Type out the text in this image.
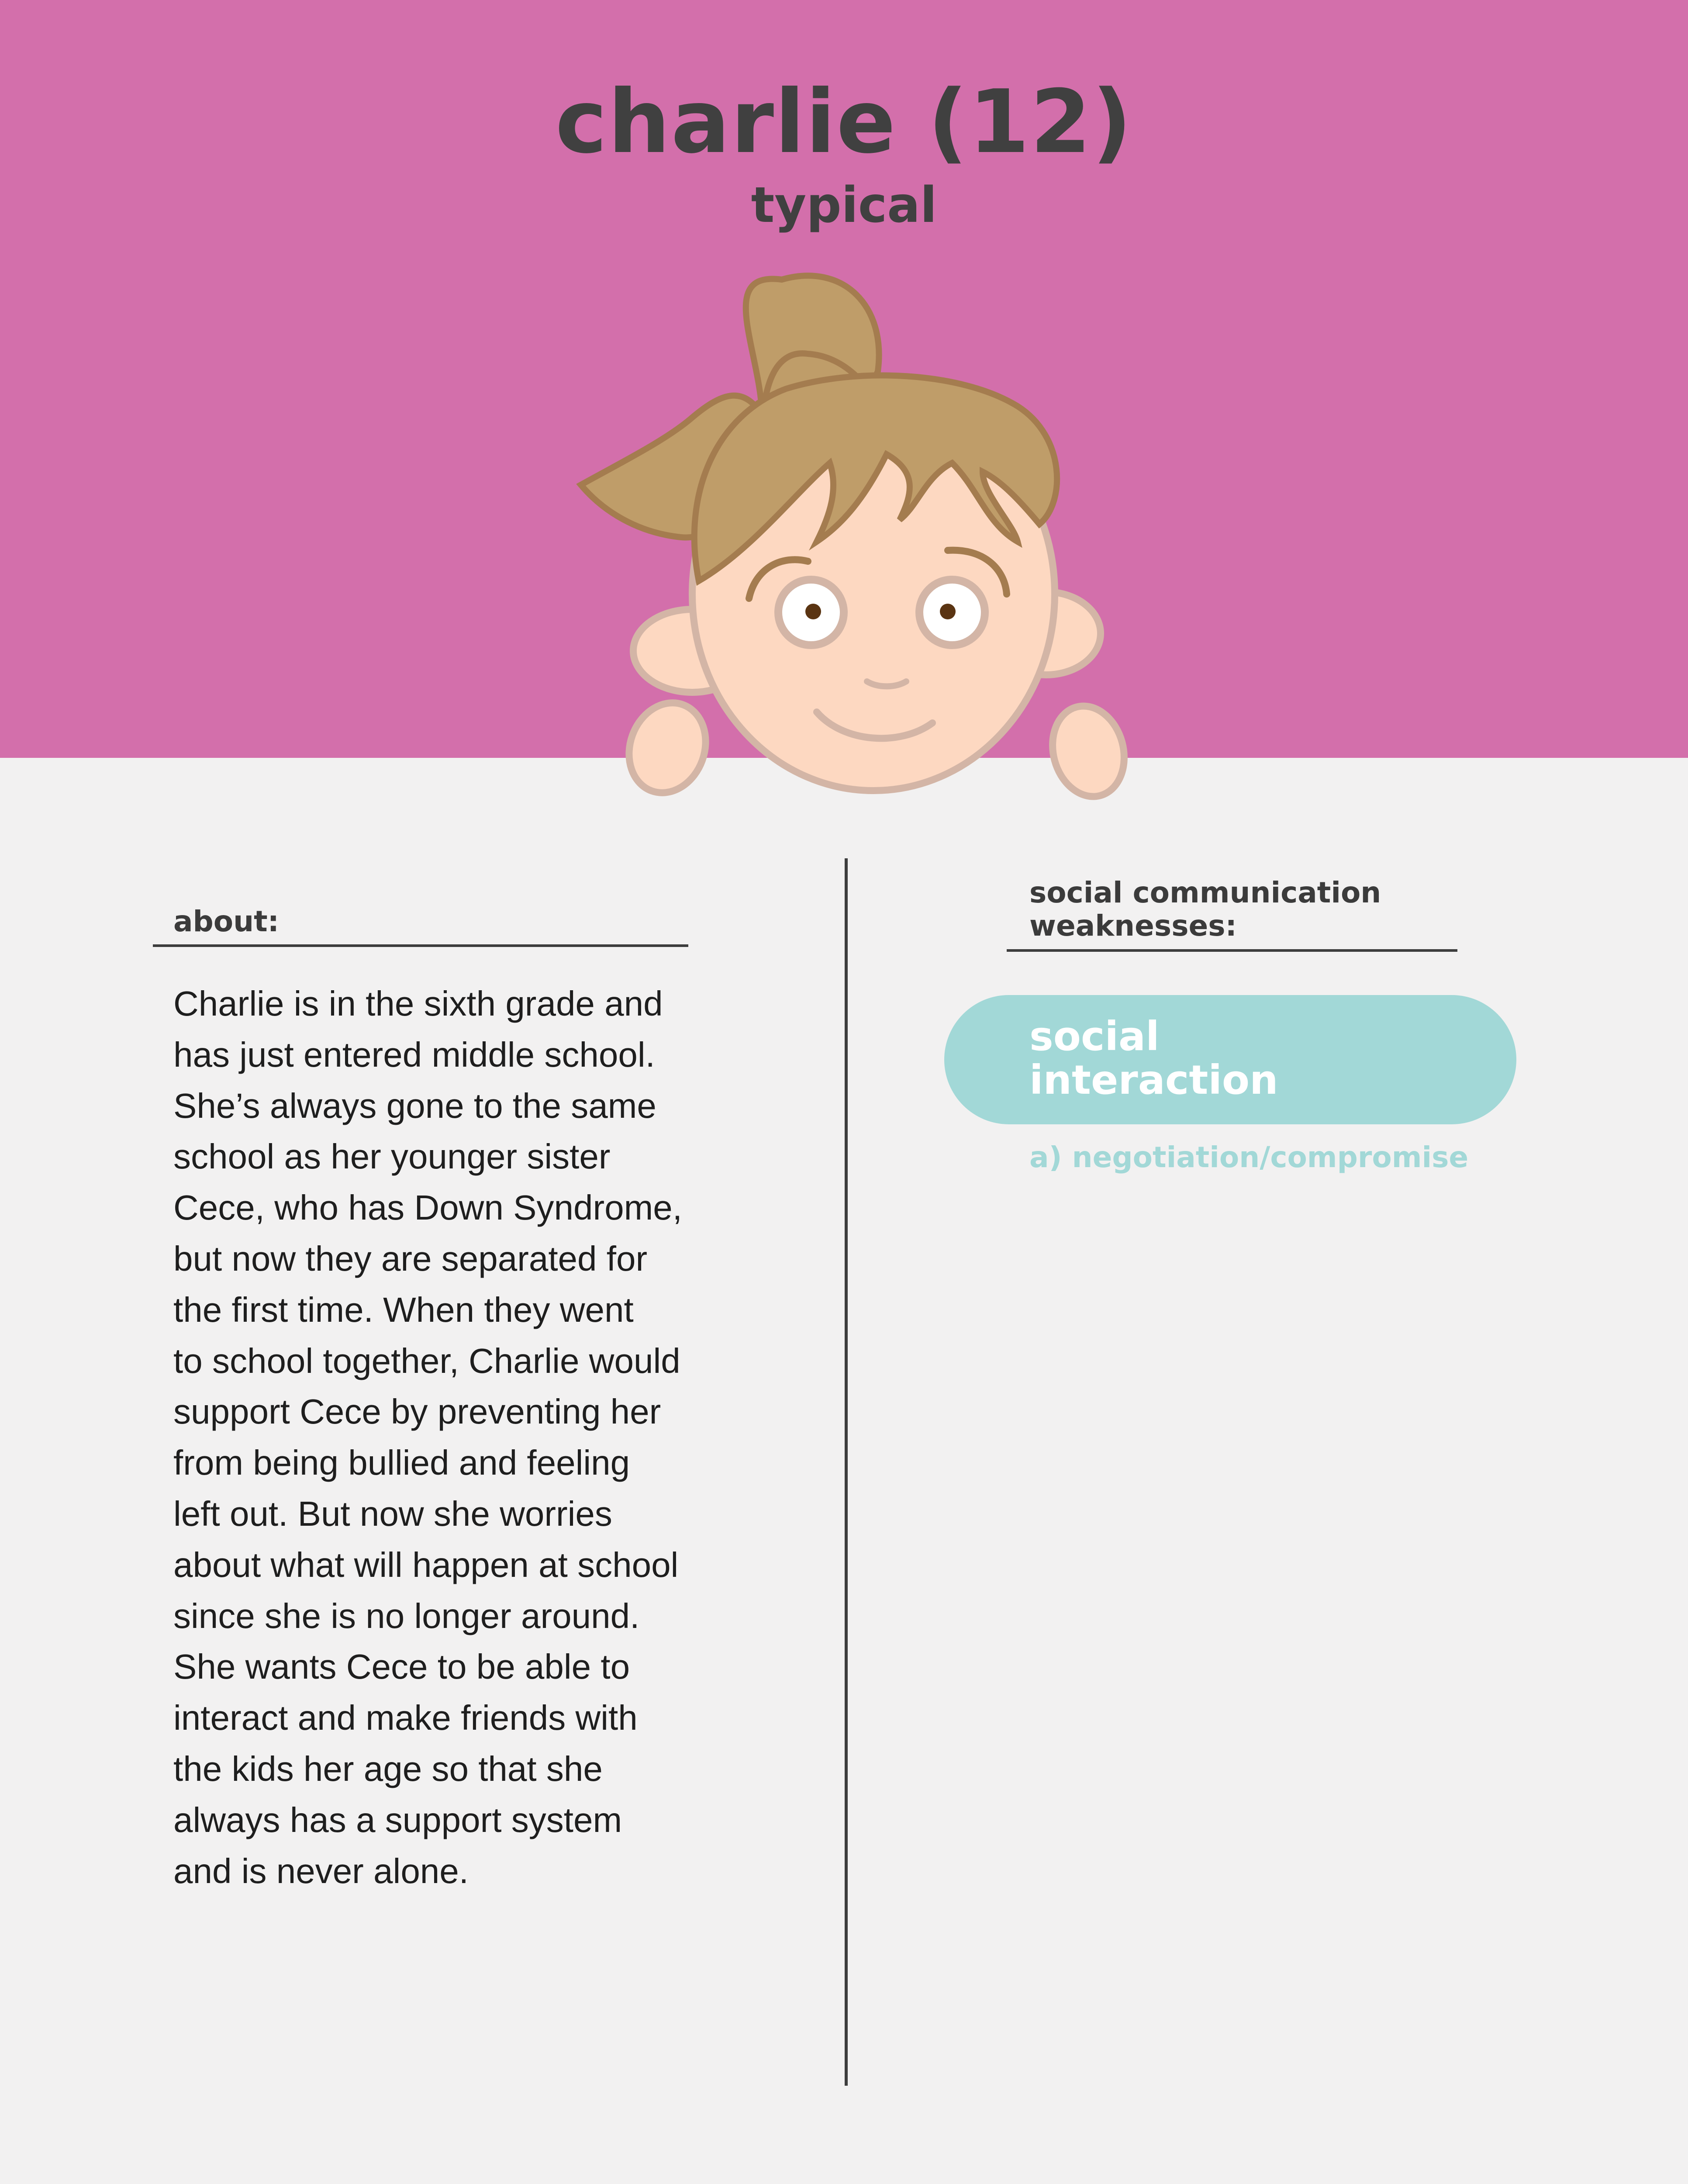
charlie (12)
typical
about:
Charlie is in the sixth grade and
has just entered middle school.
She’s always gone to the same
school as her younger sister
Cece, who has Down Syndrome,
but now they are separated for
the first time. When they went
to school together, Charlie would
support Cece by preventing her
from being bullied and feeling
left out. But now she worries
about what will happen at school
since she is no longer around.
She wants Cece to be able to
interact and make friends with
the kids her age so that she
always has a support system
and is never alone.
social communication
weaknesses:
social
interaction
a) negotiation/compromise
